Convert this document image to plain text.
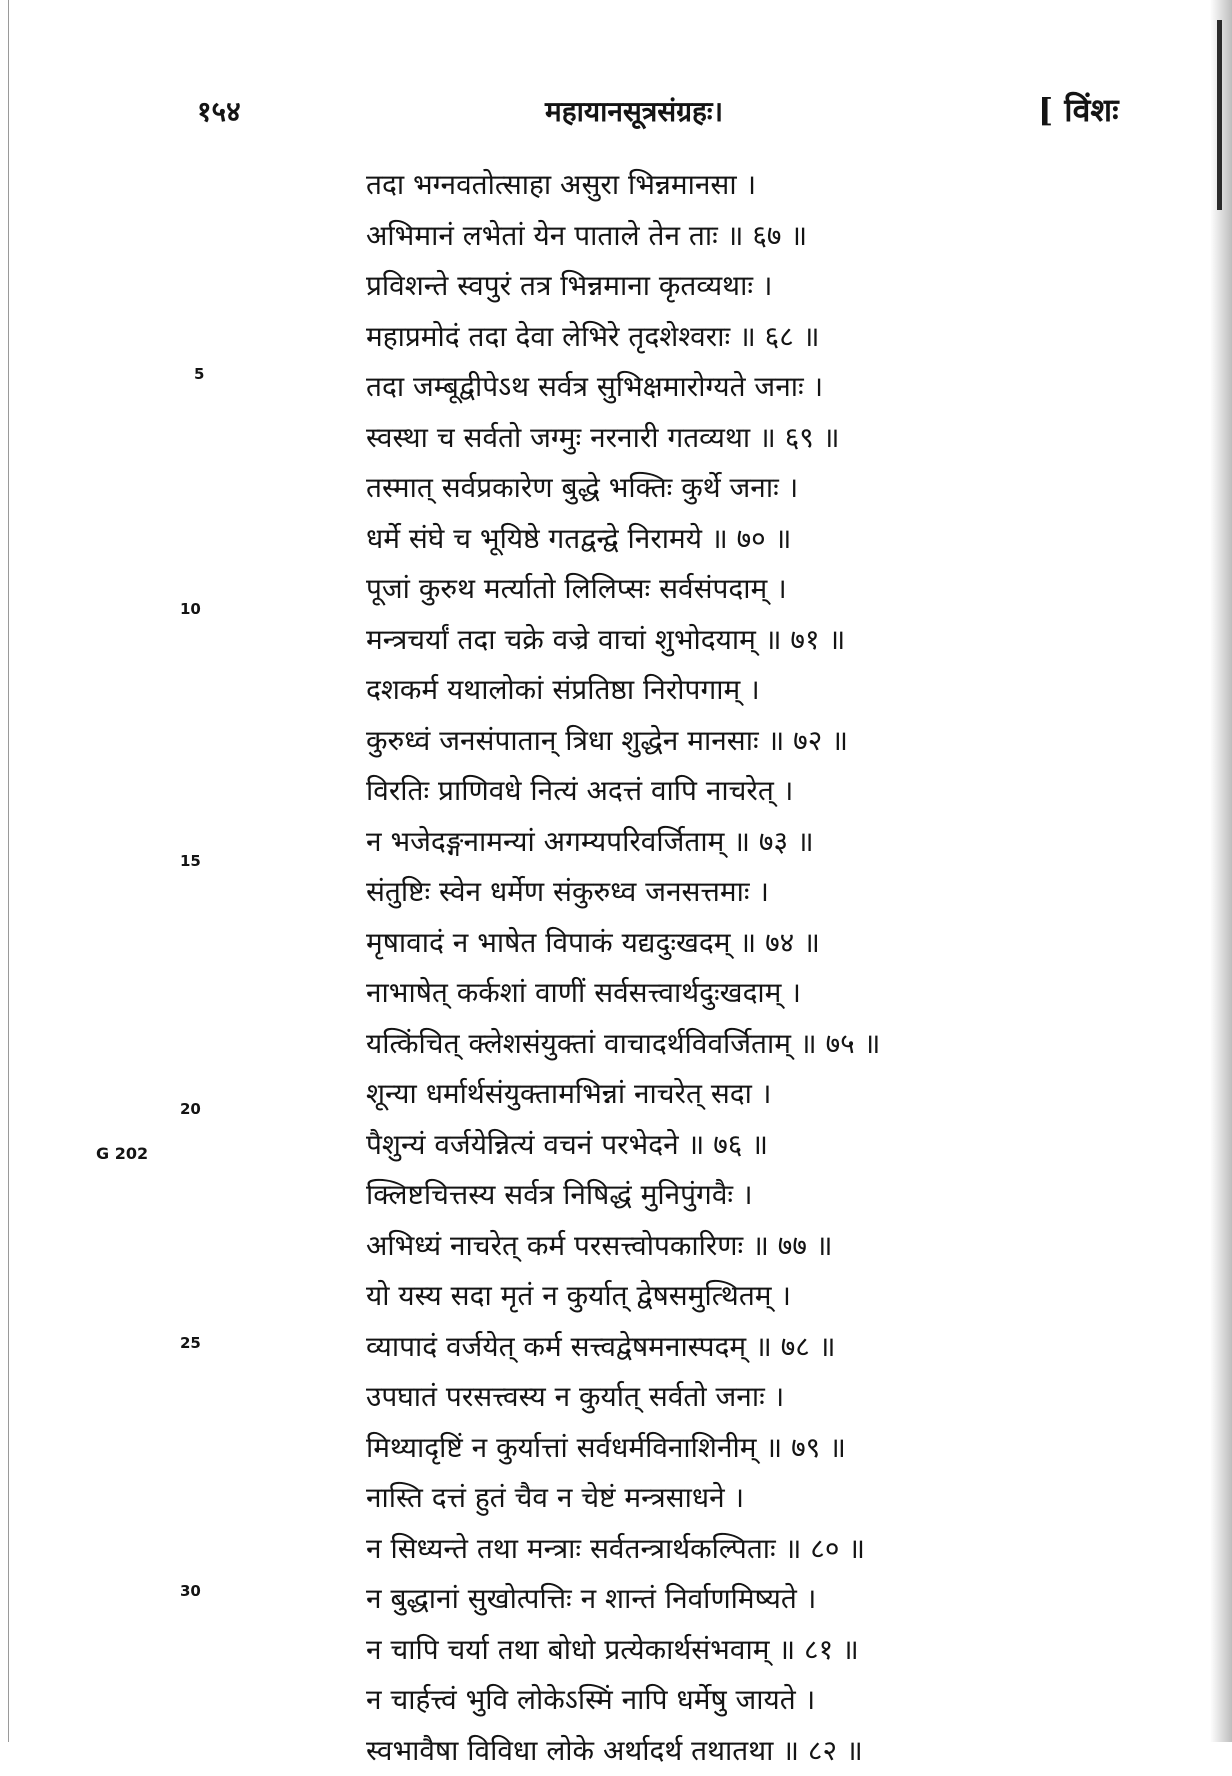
१५४	महायानसूत्रसंग्रहः।	[ विंशः
तदा भग्नवतोत्साहा असुरा भिन्नमानसा ।
अभिमानं लभेतां येन पाताले तेन ताः ॥ ६७ ॥
प्रविशन्ते स्वपुरं तत्र भिन्नमाना कृतव्यथाः ।
महाप्रमोदं तदा देवा लेभिरे तृदशेश्वराः ॥ ६८ ॥
तदा जम्बूद्वीपेऽथ सर्वत्र सुभिक्षमारोग्यते जनाः ।
स्वस्था च सर्वतो जग्मुः नरनारी गतव्यथा ॥ ६९ ॥
तस्मात् सर्वप्रकारेण बुद्धे भक्तिः कुर्थे जनाः ।
धर्मे संघे च भूयिष्ठे गतद्वन्द्वे निरामये ॥ ७० ॥
पूजां कुरुथ मर्त्यातो लिलिप्सः सर्वसंपदाम् ।
मन्त्रचर्यां तदा चक्रे वज्रे वाचां शुभोदयाम् ॥ ७१ ॥
दशकर्म यथालोकां संप्रतिष्ठा निरोपगाम् ।
कुरुध्वं जनसंपातान् त्रिधा शुद्धेन मानसाः ॥ ७२ ॥
विरतिः प्राणिवधे नित्यं अदत्तं वापि नाचरेत् ।
न भजेदङ्गनामन्यां अगम्यपरिवर्जिताम् ॥ ७३ ॥
संतुष्टिः स्वेन धर्मेण संकुरुध्व जनसत्तमाः ।
मृषावादं न भाषेत विपाकं यद्यदुःखदम् ॥ ७४ ॥
नाभाषेत् कर्कशां वाणीं सर्वसत्त्वार्थदुःखदाम् ।
यत्किंचित् क्लेशसंयुक्तां वाचादर्थविवर्जिताम् ॥ ७५ ॥
शून्या धर्मार्थसंयुक्तामभिन्नां नाचरेत् सदा ।
पैशुन्यं वर्जयेन्नित्यं वचनं परभेदने ॥ ७६ ॥
क्लिष्टचित्तस्य सर्वत्र निषिद्धं मुनिपुंगवैः ।
अभिध्यं नाचरेत् कर्म परसत्त्वोपकारिणः ॥ ७७ ॥
यो यस्य सदा मृतं न कुर्यात् द्वेषसमुत्थितम् ।
व्यापादं वर्जयेत् कर्म सत्त्वद्वेषमनास्पदम् ॥ ७८ ॥
उपघातं परसत्त्वस्य न कुर्यात् सर्वतो जनाः ।
मिथ्यादृष्टिं न कुर्यात्तां सर्वधर्मविनाशिनीम् ॥ ७९ ॥
नास्ति दत्तं हुतं चैव न चेष्टं मन्त्रसाधने ।
न सिध्यन्ते तथा मन्त्राः सर्वतन्त्रार्थकल्पिताः ॥ ८० ॥
न बुद्धानां सुखोत्पत्तिः न शान्तं निर्वाणमिष्यते ।
न चापि चर्या तथा बोधो प्रत्येकार्थसंभवाम् ॥ ८१ ॥
न चार्हत्त्वं भुवि लोकेऽस्मिं नापि धर्मेषु जायते ।
स्वभावैषा विविधा लोके अर्थादर्थ तथातथा ॥ ८२ ॥
5
10
15
20
25
30
G 202
